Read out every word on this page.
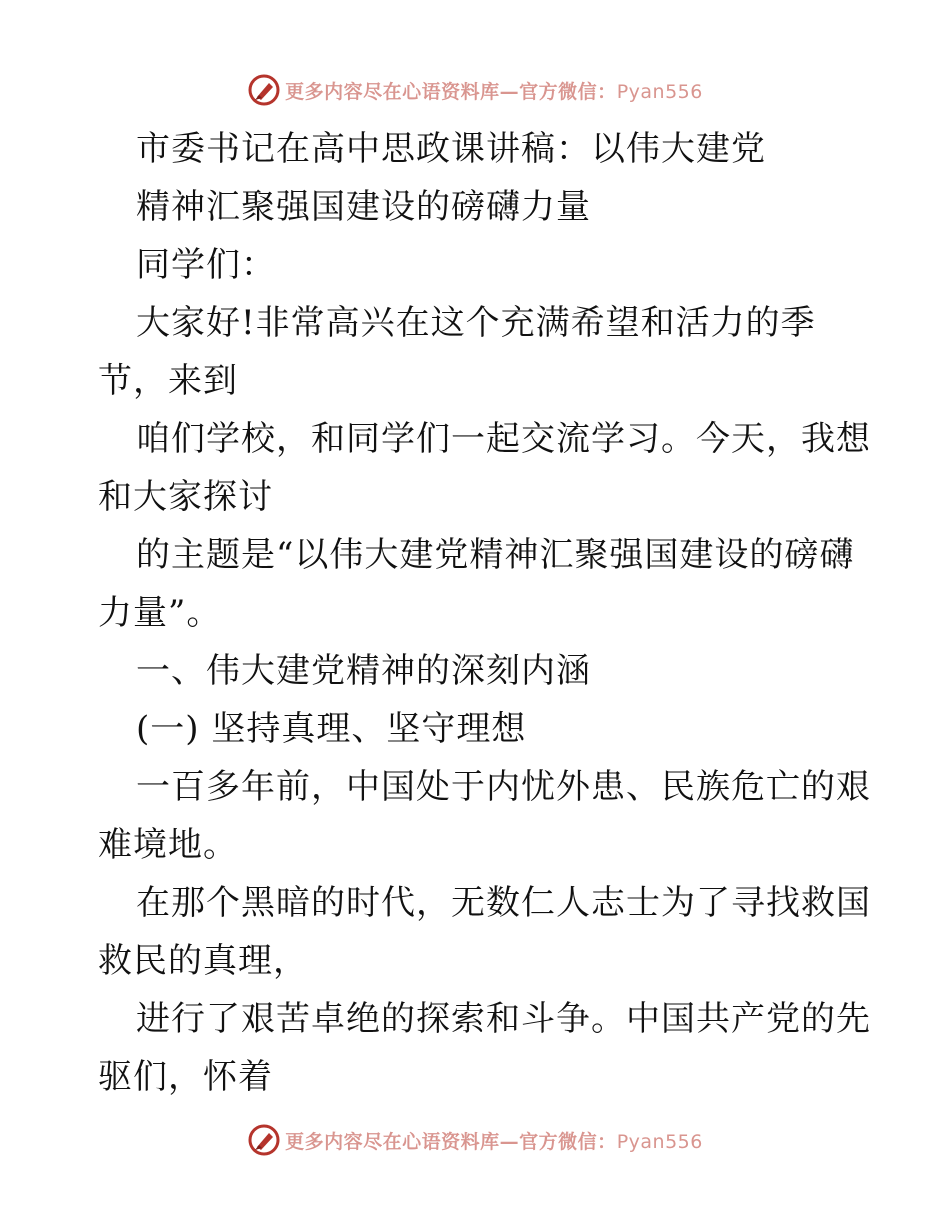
更多内容尽在心语资料库—官方微信：Pyan556
市委书记在高中思政课讲稿：以伟大建党
精神汇聚强国建设的磅礴力量
同学们：
大家好!非常高兴在这个充满希望和活力的季
节，来到
咱们学校，和同学们一起交流学习。今天，我想
和大家探讨
的主题是“以伟大建党精神汇聚强国建设的磅礴
力量”。
一、伟大建党精神的深刻内涵
(一) 坚持真理、坚守理想
一百多年前，中国处于内忧外患、民族危亡的艰
难境地。
在那个黑暗的时代，无数仁人志士为了寻找救国
救民的真理，
进行了艰苦卓绝的探索和斗争。中国共产党的先
驱们，怀着
更多内容尽在心语资料库—官方微信：Pyan556
